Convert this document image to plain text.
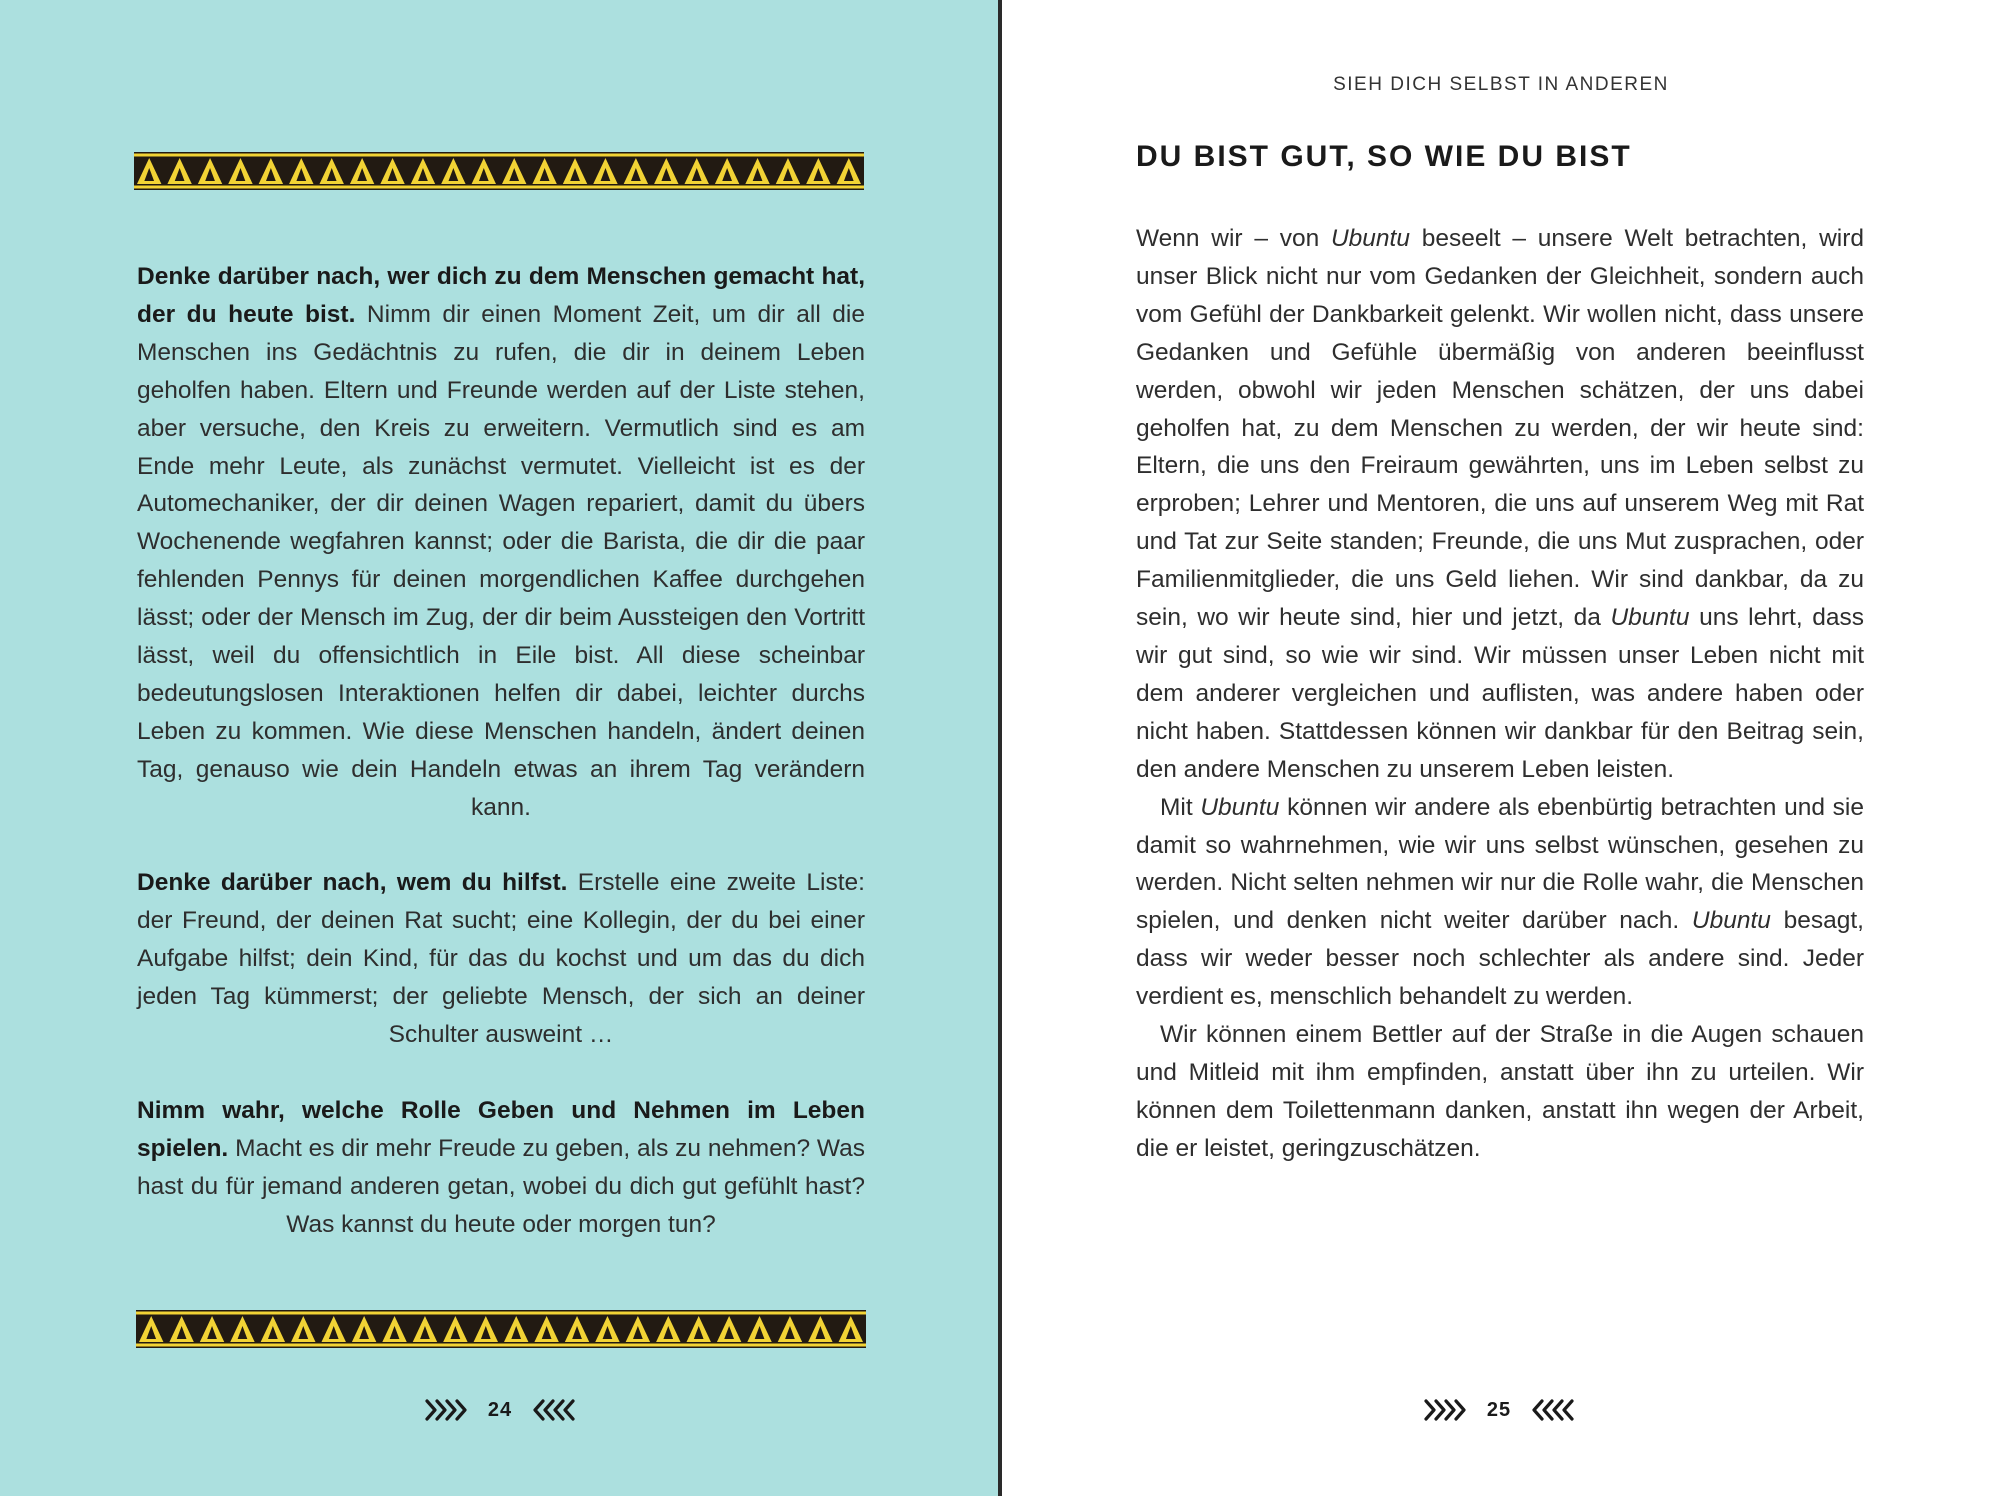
Denke darüber nach, wer dich zu dem Menschen gemacht hat, der du heute bist. Nimm dir einen Moment Zeit, um dir all die Menschen ins Gedächtnis zu rufen, die dir in deinem Leben geholfen haben. Eltern und Freunde werden auf der Liste stehen, aber versuche, den Kreis zu erweitern. Vermutlich sind es am Ende mehr Leute, als zunächst vermutet. Vielleicht ist es der Automechaniker, der dir deinen Wagen repariert, damit du übers Wochenende wegfahren kannst; oder die Barista, die dir die paar fehlenden Pennys für deinen morgendlichen Kaffee durchgehen lässt; oder der Mensch im Zug, der dir beim Aussteigen den Vortritt lässt, weil du offensichtlich in Eile bist. All diese scheinbar bedeutungslosen Interaktionen helfen dir dabei, leichter durchs Leben zu kommen. Wie diese Menschen handeln, ändert deinen Tag, genauso wie dein Handeln etwas an ihrem Tag verändern kann.

Denke darüber nach, wem du hilfst. Erstelle eine zweite Liste: der Freund, der deinen Rat sucht; eine Kollegin, der du bei einer Aufgabe hilfst; dein Kind, für das du kochst und um das du dich jeden Tag kümmerst; der geliebte Mensch, der sich an deiner Schulter ausweint …

Nimm wahr, welche Rolle Geben und Nehmen im Leben spielen. Macht es dir mehr Freude zu geben, als zu nehmen? Was hast du für jemand anderen getan, wobei du dich gut gefühlt hast? Was kannst du heute oder morgen tun?

24
SIEH DICH SELBST IN ANDEREN
DU BIST GUT, SO WIE DU BIST

Wenn wir – von Ubuntu beseelt – unsere Welt betrachten, wird unser Blick nicht nur vom Gedanken der Gleichheit, sondern auch vom Gefühl der Dankbarkeit gelenkt. Wir wollen nicht, dass unsere Gedanken und Gefühle übermäßig von anderen beeinflusst werden, obwohl wir jeden Menschen schätzen, der uns dabei geholfen hat, zu dem Menschen zu werden, der wir heute sind: Eltern, die uns den Freiraum gewährten, uns im Leben selbst zu erproben; Lehrer und Mentoren, die uns auf unserem Weg mit Rat und Tat zur Seite standen; Freunde, die uns Mut zusprachen, oder Familienmitglieder, die uns Geld liehen. Wir sind dankbar, da zu sein, wo wir heute sind, hier und jetzt, da Ubuntu uns lehrt, dass wir gut sind, so wie wir sind. Wir müssen unser Leben nicht mit dem anderer vergleichen und auflisten, was andere haben oder nicht haben. Stattdessen können wir dankbar für den Beitrag sein, den andere Menschen zu unserem Leben leisten.

Mit Ubuntu können wir andere als ebenbürtig betrachten und sie damit so wahrnehmen, wie wir uns selbst wünschen, gesehen zu werden. Nicht selten nehmen wir nur die Rolle wahr, die Menschen spielen, und denken nicht weiter darüber nach. Ubuntu besagt, dass wir weder besser noch schlechter als andere sind. Jeder verdient es, menschlich behandelt zu werden.

Wir können einem Bettler auf der Straße in die Augen schauen und Mitleid mit ihm empfinden, anstatt über ihn zu urteilen. Wir können dem Toilettenmann danken, anstatt ihn wegen der Arbeit, die er leistet, geringzuschätzen.

25
